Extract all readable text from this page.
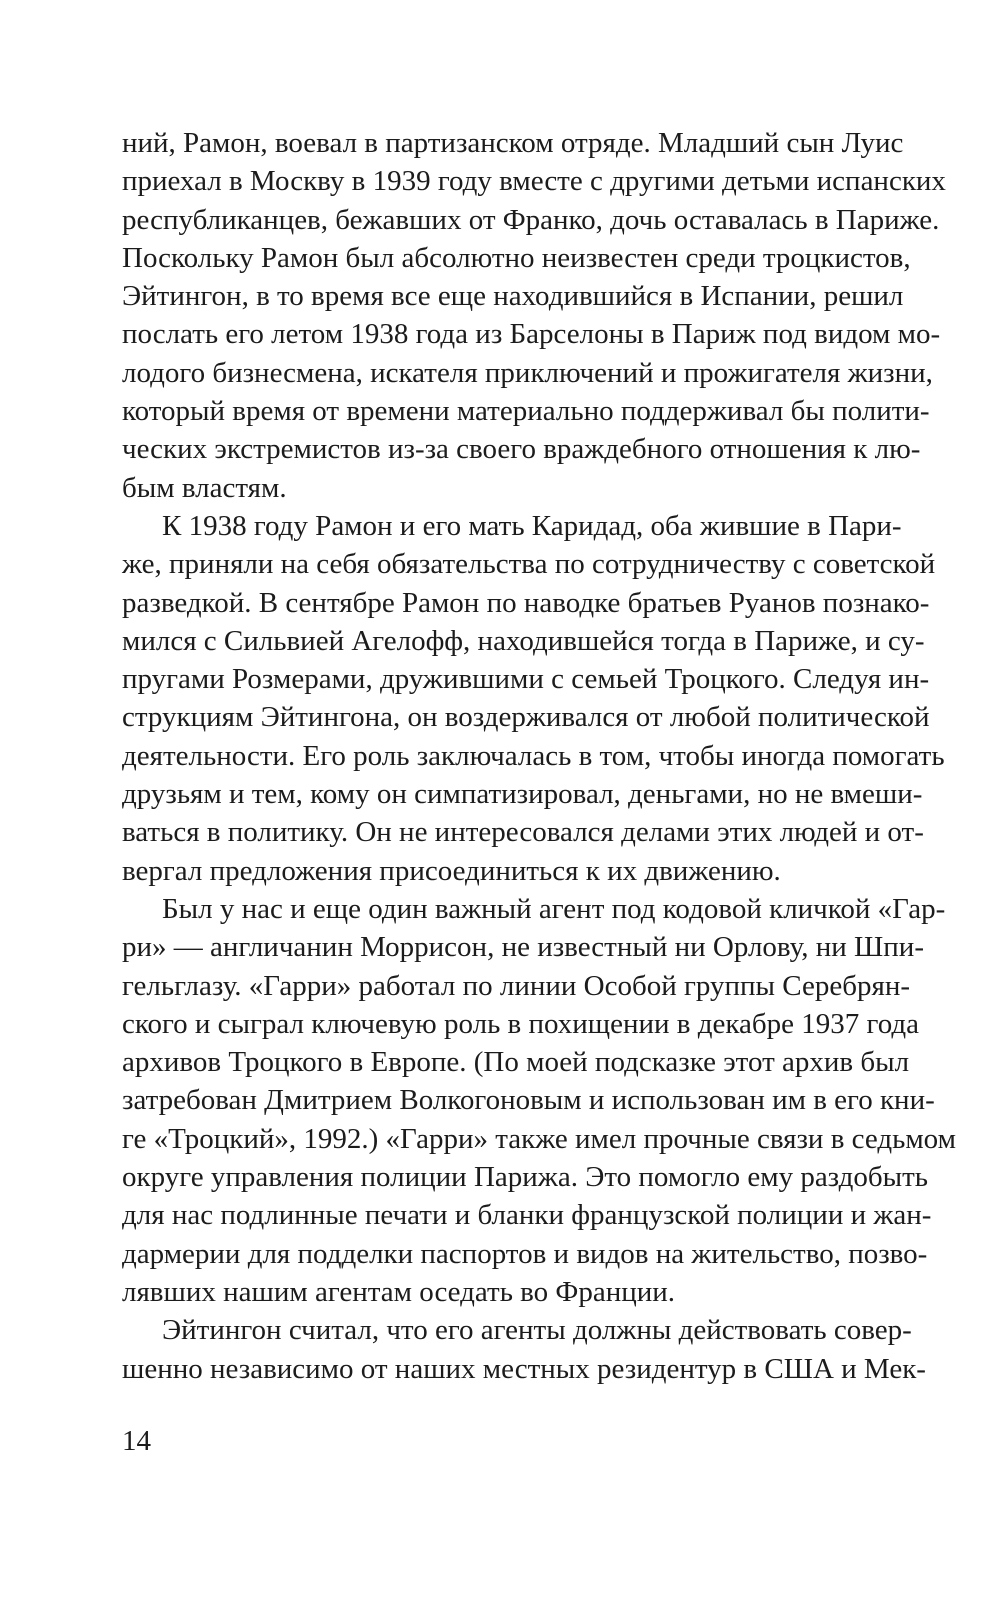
ний, Рамон, воевал в партизанском отряде. Младший сын Луис
приехал в Москву в 1939 году вместе с другими детьми испанских
республиканцев, бежавших от Франко, дочь оставалась в Париже.
Поскольку Рамон был абсолютно неизвестен среди троцкистов,
Эйтингон, в то время все еще находившийся в Испании, решил
послать его летом 1938 года из Барселоны в Париж под видом мо-
лодого бизнесмена, искателя приключений и прожигателя жизни,
который время от времени материально поддерживал бы полити-
ческих экстремистов из-за своего враждебного отношения к лю-
бым властям.
К 1938 году Рамон и его мать Каридад, оба жившие в Пари-
же, приняли на себя обязательства по сотрудничеству с советской
разведкой. В сентябре Рамон по наводке братьев Руанов познако-
мился с Сильвией Агелофф, находившейся тогда в Париже, и су-
пругами Розмерами, дружившими с семьей Троцкого. Следуя ин-
струкциям Эйтингона, он воздерживался от любой политической
деятельности. Его роль заключалась в том, чтобы иногда помогать
друзьям и тем, кому он симпатизировал, деньгами, но не вмеши-
ваться в политику. Он не интересовался делами этих людей и от-
вергал предложения присоединиться к их движению.
Был у нас и еще один важный агент под кодовой кличкой «Гар-
ри» — англичанин Моррисон, не известный ни Орлову, ни Шпи-
гельглазу. «Гарри» работал по линии Особой группы Серебрян-
ского и сыграл ключевую роль в похищении в декабре 1937 года
архивов Троцкого в Европе. (По моей подсказке этот архив был
затребован Дмитрием Волкогоновым и использован им в его кни-
ге «Троцкий», 1992.) «Гарри» также имел прочные связи в седьмом
округе управления полиции Парижа. Это помогло ему раздобыть
для нас подлинные печати и бланки французской полиции и жан-
дармерии для подделки паспортов и видов на жительство, позво-
лявших нашим агентам оседать во Франции.
Эйтингон считал, что его агенты должны действовать совер-
шенно независимо от наших местных резидентур в США и Мек-
14
